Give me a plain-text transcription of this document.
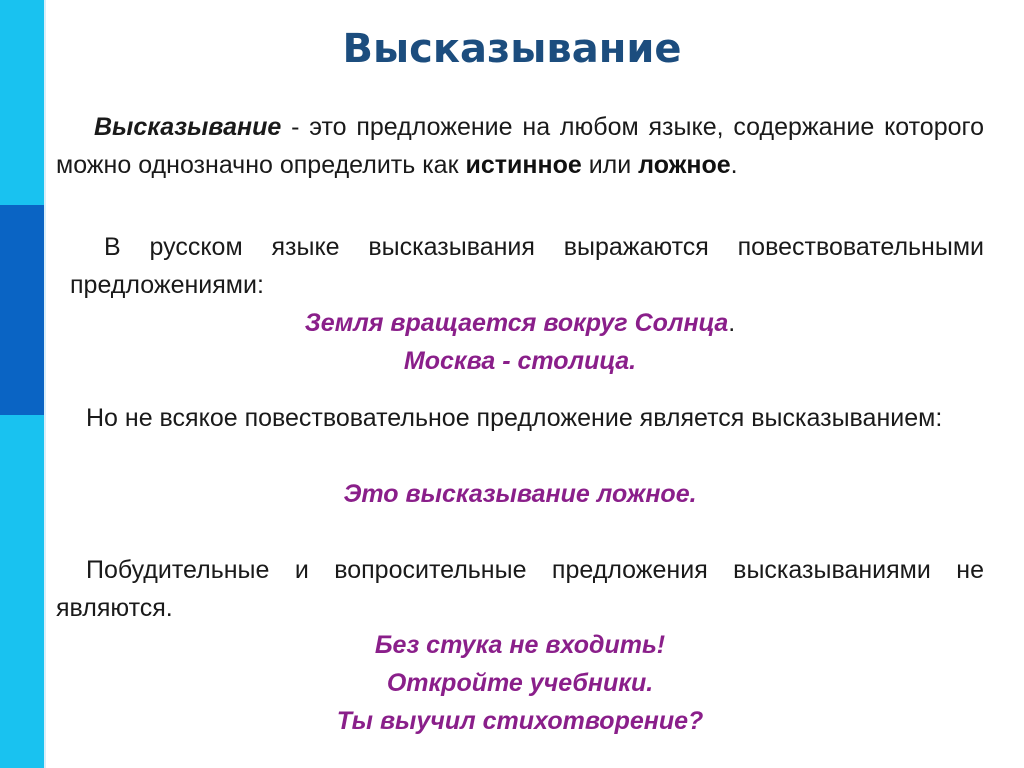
Высказывание
Высказывание - это предложение на любом языке, содержание которого можно однозначно определить как истинное или ложное.
В русском языке высказывания выражаются повествовательными предложениями:
Земля вращается вокруг Солнца.
Москва - столица.
Но не всякое повествовательное предложение является высказыванием:
Это высказывание ложное.
Побудительные и вопросительные предложения высказываниями не являются.
Без стука не входить!
Откройте учебники.
Ты выучил стихотворение?
